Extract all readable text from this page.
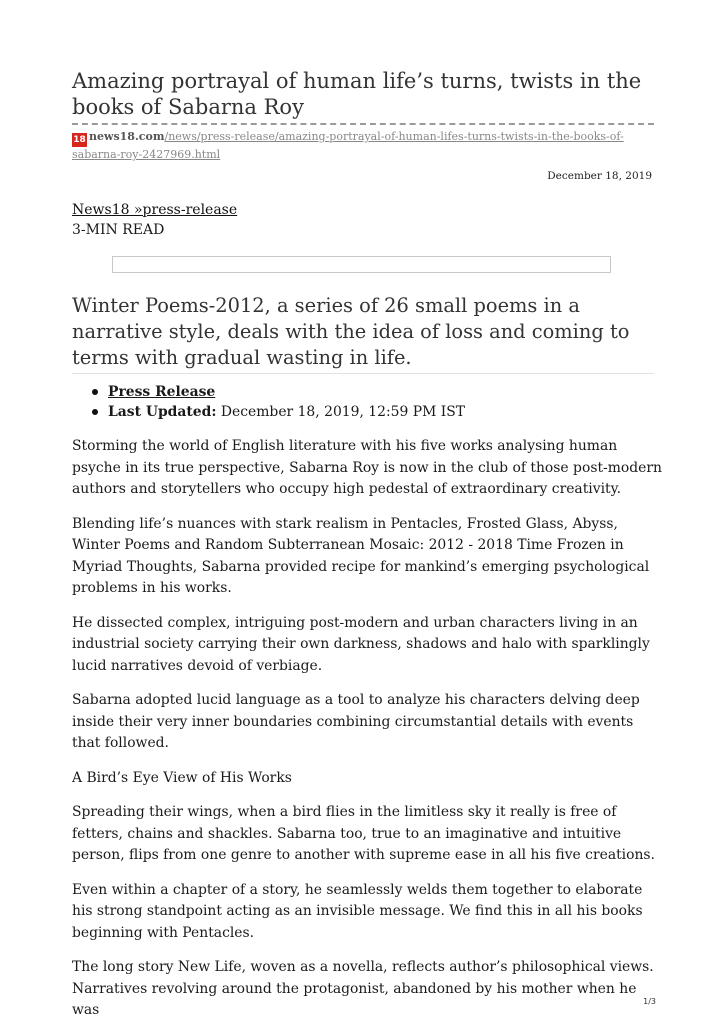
Amazing portrayal of human life’s turns, twists in the books of Sabarna Roy
18 news18.com/news/press-release/amazing-portrayal-of-human-lifes-turns-twists-in-the-books-of-sabarna-roy-2427969.html
December 18, 2019
News18 »press-release
3-MIN READ
Winter Poems-2012, a series of 26 small poems in a narrative style, deals with the idea of loss and coming to terms with gradual wasting in life.
Press Release
Last Updated: December 18, 2019, 12:59 PM IST

Storming the world of English literature with his five works analysing human psyche in its true perspective, Sabarna Roy is now in the club of those post-modern authors and storytellers who occupy high pedestal of extraordinary creativity.

Blending life’s nuances with stark realism in Pentacles, Frosted Glass, Abyss, Winter Poems and Random Subterranean Mosaic: 2012 - 2018 Time Frozen in Myriad Thoughts, Sabarna provided recipe for mankind’s emerging psychological problems in his works.

He dissected complex, intriguing post-modern and urban characters living in an industrial society carrying their own darkness, shadows and halo with sparklingly lucid narratives devoid of verbiage.

Sabarna adopted lucid language as a tool to analyze his characters delving deep inside their very inner boundaries combining circumstantial details with events that followed.

A Bird’s Eye View of His Works

Spreading their wings, when a bird flies in the limitless sky it really is free of fetters, chains and shackles. Sabarna too, true to an imaginative and intuitive person, flips from one genre to another with supreme ease in all his five creations.

Even within a chapter of a story, he seamlessly welds them together to elaborate his strong standpoint acting as an invisible message. We find this in all his books beginning with Pentacles.

The long story New Life, woven as a novella, reflects author’s philosophical views. Narratives revolving around the protagonist, abandoned by his mother when he was

1/3
